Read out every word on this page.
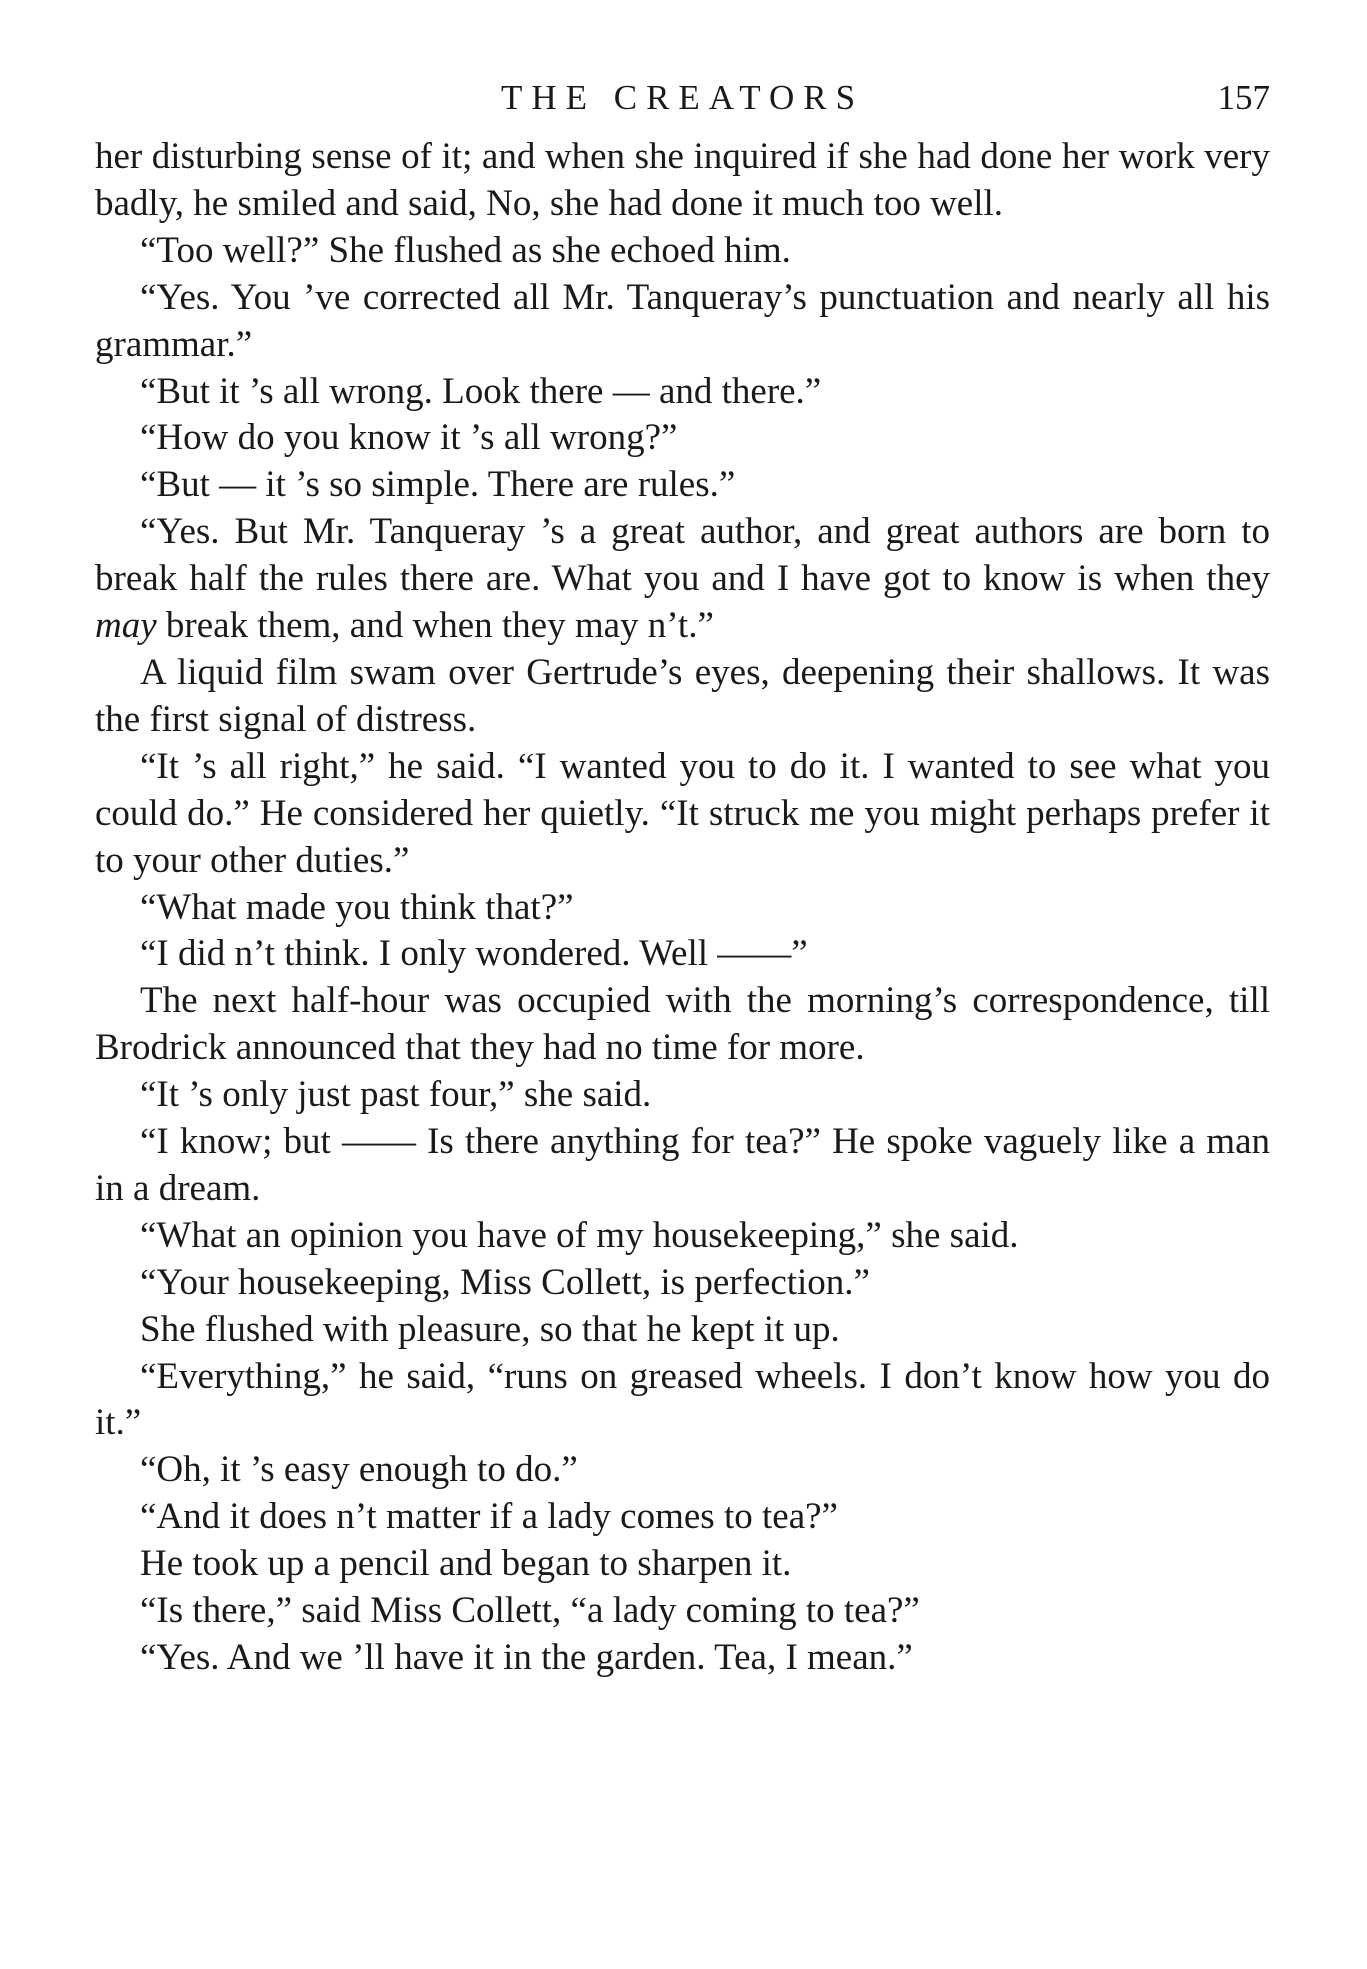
THE CREATORS	157

her disturbing sense of it; and when she inquired if she had done her work very badly, he smiled and said, No, she had done it much too well.

“Too well?” She flushed as she echoed him.

“Yes. You ’ve corrected all Mr. Tanqueray’s punctuation and nearly all his grammar.”

“But it ’s all wrong. Look there — and there.”

“How do you know it ’s all wrong?”

“But — it ’s so simple. There are rules.”

“Yes. But Mr. Tanqueray ’s a great author, and great authors are born to break half the rules there are. What you and I have got to know is when they may break them, and when they may n’t.”

A liquid film swam over Gertrude’s eyes, deepening their shallows. It was the first signal of distress.

“It ’s all right,” he said. “I wanted you to do it. I wanted to see what you could do.” He considered her quietly. “It struck me you might perhaps prefer it to your other duties.”

“What made you think that?”

“I did n’t think. I only wondered. Well ——”

The next half-hour was occupied with the morning’s correspondence, till Brodrick announced that they had no time for more.

“It ’s only just past four,” she said.

“I know; but —— Is there anything for tea?” He spoke vaguely like a man in a dream.

“What an opinion you have of my housekeeping,” she said.

“Your housekeeping, Miss Collett, is perfection.”

She flushed with pleasure, so that he kept it up.

“Everything,” he said, “runs on greased wheels. I don’t know how you do it.”

“Oh, it ’s easy enough to do.”

“And it does n’t matter if a lady comes to tea?”

He took up a pencil and began to sharpen it.

“Is there,” said Miss Collett, “a lady coming to tea?”

“Yes. And we ’ll have it in the garden. Tea, I mean.”
